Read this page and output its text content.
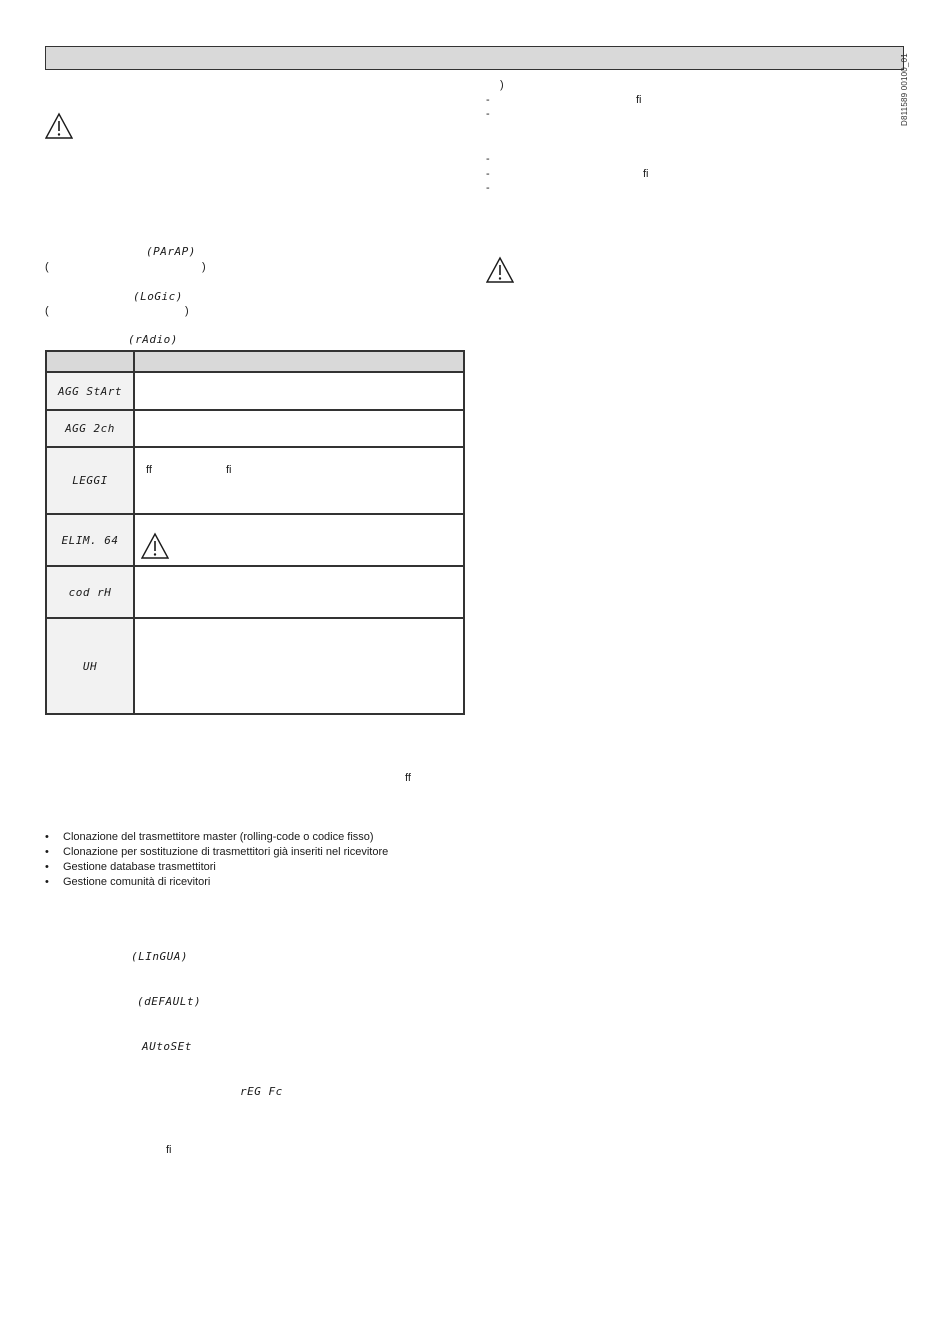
D811589 00100_01
(PArAP)
(	)
(LoGic)
(	)
(rAdio)

AGG StArt	
AGG 2ch	
LEGGI	ff fi

ELIM. 64	

cod rH	
UH	
ff
• Clonazione del trasmettitore master (rolling-code o codice fisso)
• Clonazione per sostituzione di trasmettitori già inseriti nel ricevitore
• Gestione database trasmettitori
• Gestione comunità di ricevitori
(LInGUA)
(dEFAULt)
AUtoSEt
rEG Fc
fi
)
-	fi
-
-
-	fi
-
